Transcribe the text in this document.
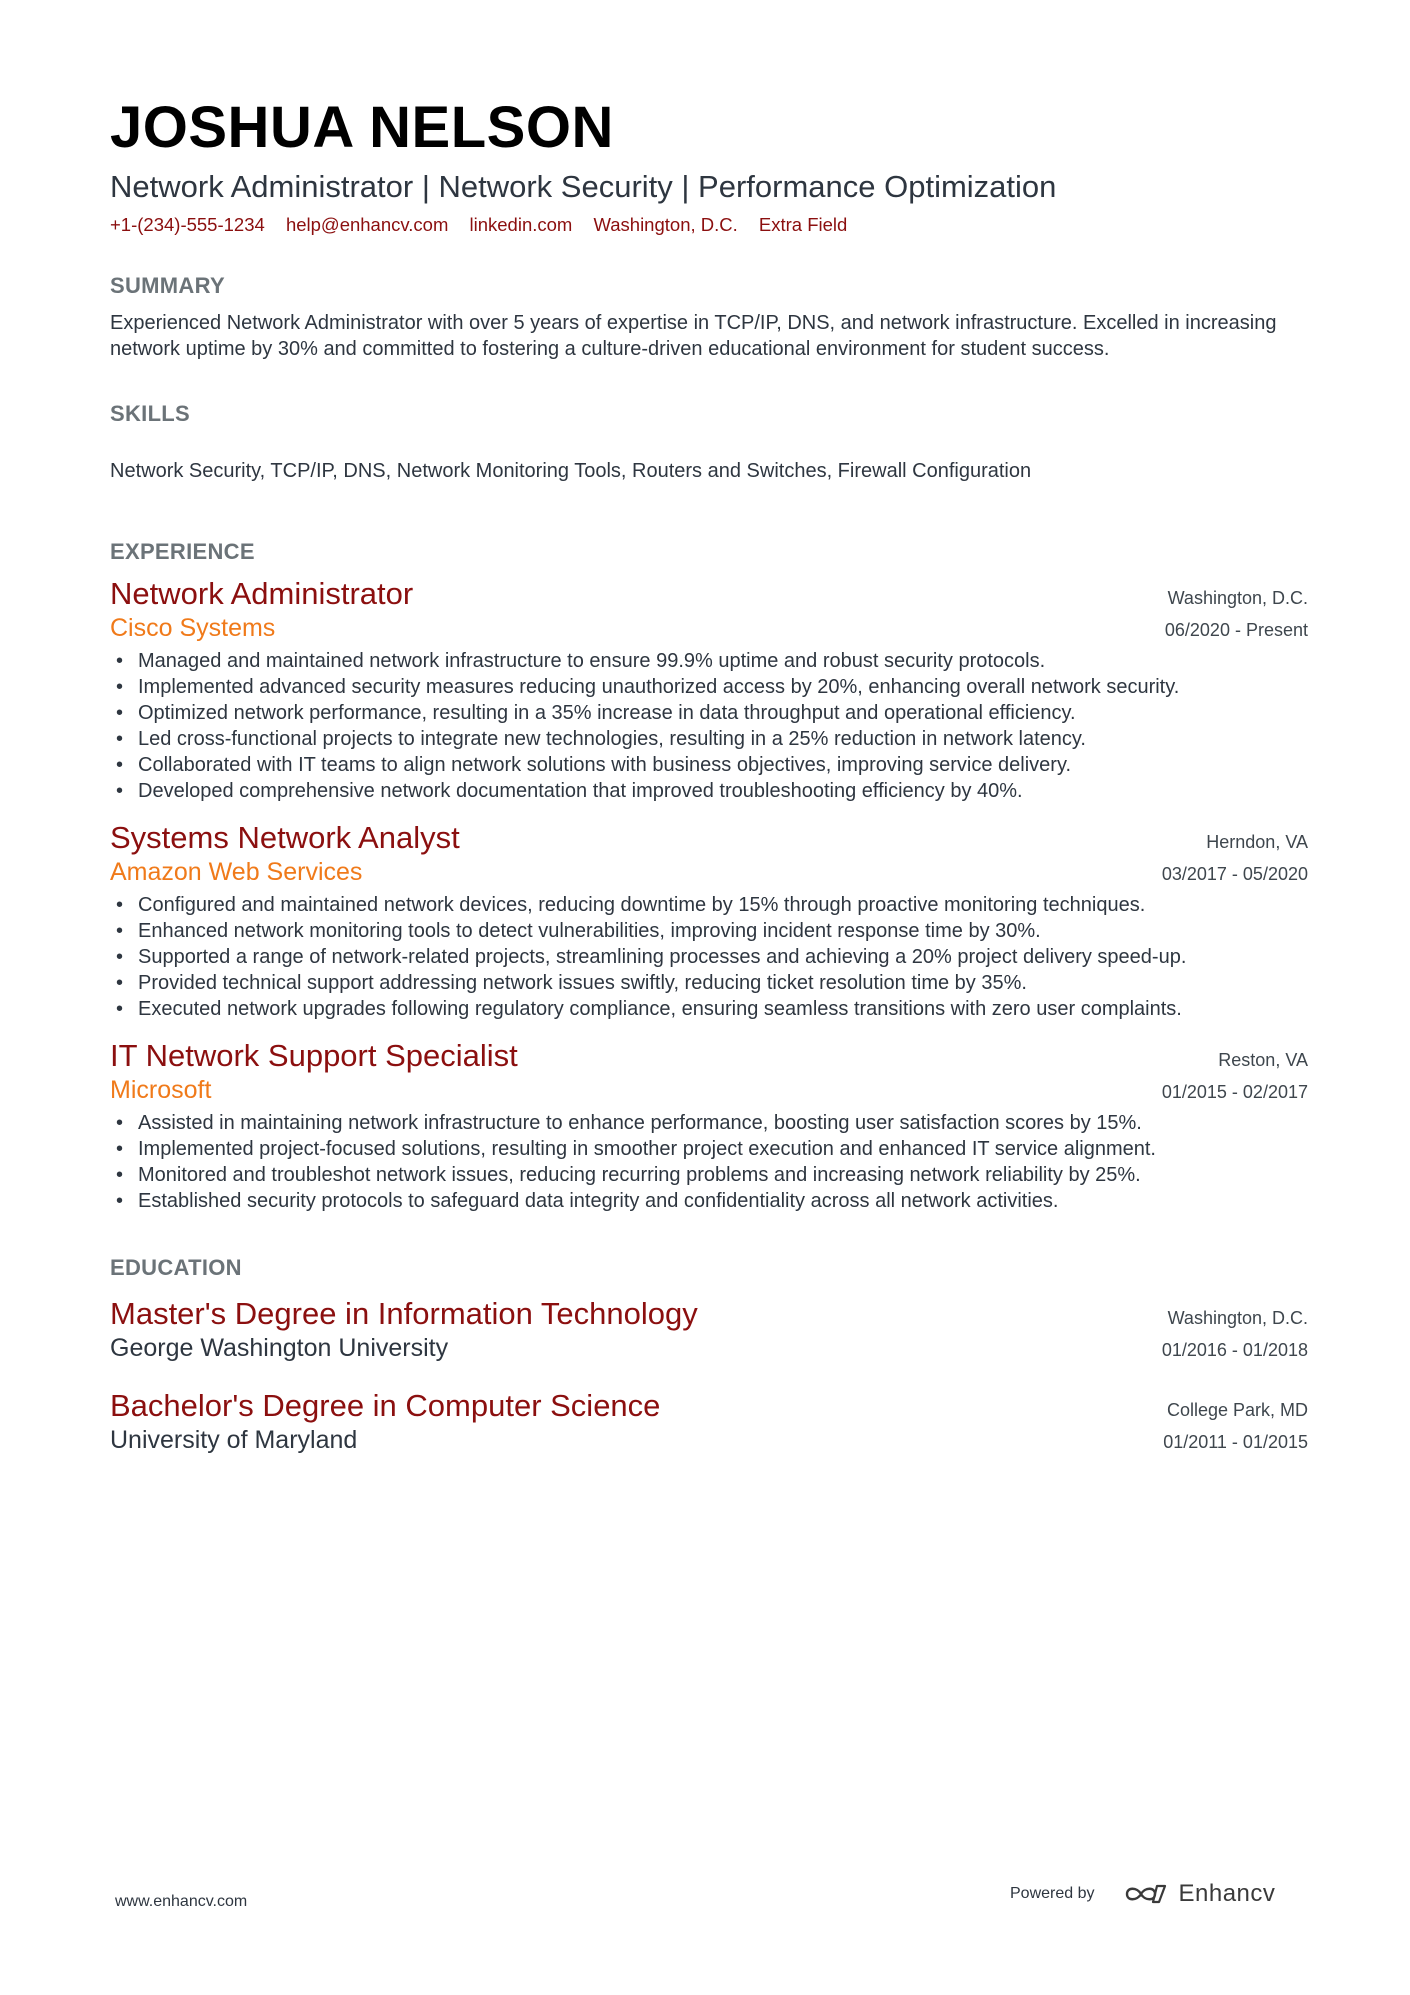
JOSHUA NELSON
Network Administrator | Network Security | Performance Optimization
+1-(234)-555-1234 help@enhancv.com linkedin.com Washington, D.C. Extra Field
SUMMARY
Experienced Network Administrator with over 5 years of expertise in TCP/IP, DNS, and network infrastructure. Excelled in increasing network uptime by 30% and committed to fostering a culture-driven educational environment for student success.
SKILLS
Network Security, TCP/IP, DNS, Network Monitoring Tools, Routers and Switches, Firewall Configuration
EXPERIENCE
Network Administrator	Washington, D.C.
Cisco Systems	06/2020 - Present
• Managed and maintained network infrastructure to ensure 99.9% uptime and robust security protocols.
• Implemented advanced security measures reducing unauthorized access by 20%, enhancing overall network security.
• Optimized network performance, resulting in a 35% increase in data throughput and operational efficiency.
• Led cross-functional projects to integrate new technologies, resulting in a 25% reduction in network latency.
• Collaborated with IT teams to align network solutions with business objectives, improving service delivery.
• Developed comprehensive network documentation that improved troubleshooting efficiency by 40%.
Systems Network Analyst	Herndon, VA
Amazon Web Services	03/2017 - 05/2020
• Configured and maintained network devices, reducing downtime by 15% through proactive monitoring techniques.
• Enhanced network monitoring tools to detect vulnerabilities, improving incident response time by 30%.
• Supported a range of network-related projects, streamlining processes and achieving a 20% project delivery speed-up.
• Provided technical support addressing network issues swiftly, reducing ticket resolution time by 35%.
• Executed network upgrades following regulatory compliance, ensuring seamless transitions with zero user complaints.
IT Network Support Specialist	Reston, VA
Microsoft	01/2015 - 02/2017
• Assisted in maintaining network infrastructure to enhance performance, boosting user satisfaction scores by 15%.
• Implemented project-focused solutions, resulting in smoother project execution and enhanced IT service alignment.
• Monitored and troubleshot network issues, reducing recurring problems and increasing network reliability by 25%.
• Established security protocols to safeguard data integrity and confidentiality across all network activities.
EDUCATION
Master's Degree in Information Technology	Washington, D.C.
George Washington University	01/2016 - 01/2018
Bachelor's Degree in Computer Science	College Park, MD
University of Maryland	01/2011 - 01/2015
www.enhancv.com	Powered by	Enhancv
